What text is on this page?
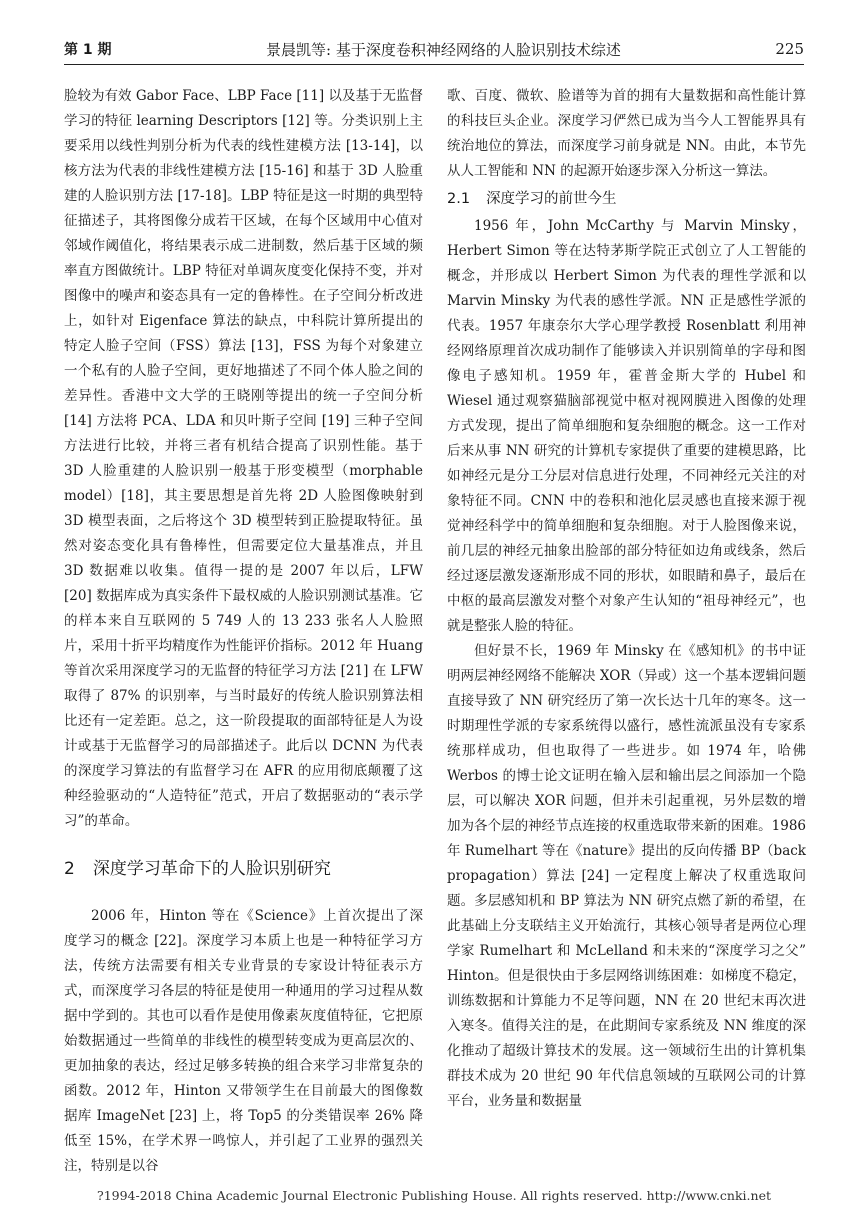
第 1 期	景晨凯等: 基于深度卷积神经网络的人脸识别技术综述	225

脸较为有效 Gabor Face、LBP Face [11] 以及基于无监督学习的特征 learning Descriptors [12] 等。分类识别上主要采用以线性判别分析为代表的线性建模方法 [13-14]，以核方法为代表的非线性建模方法 [15-16] 和基于 3D 人脸重建的人脸识别方法 [17-18]。LBP 特征是这一时期的典型特征描述子，其将图像分成若干区域，在每个区域用中心值对邻域作阈值化，将结果表示成二进制数，然后基于区域的频率直方图做统计。LBP 特征对单调灰度变化保持不变，并对图像中的噪声和姿态具有一定的鲁棒性。在子空间分析改进上，如针对 Eigenface 算法的缺点，中科院计算所提出的特定人脸子空间（FSS）算法 [13]，FSS 为每个对象建立一个私有的人脸子空间，更好地描述了不同个体人脸之间的差异性。香港中文大学的王晓刚等提出的统一子空间分析 [14] 方法将 PCA、LDA 和贝叶斯子空间 [19] 三种子空间方法进行比较，并将三者有机结合提高了识别性能。基于 3D 人脸重建的人脸识别一般基于形变模型（morphable model）[18]，其主要思想是首先将 2D 人脸图像映射到 3D 模型表面，之后将这个 3D 模型转到正脸提取特征。虽然对姿态变化具有鲁棒性，但需要定位大量基准点，并且 3D 数据难以收集。值得一提的是 2007 年以后，LFW [20] 数据库成为真实条件下最权威的人脸识别测试基准。它的样本来自互联网的 5 749 人的 13 233 张名人人脸照片，采用十折平均精度作为性能评价指标。2012 年 Huang 等首次采用深度学习的无监督的特征学习方法 [21] 在 LFW 取得了 87% 的识别率，与当时最好的传统人脸识别算法相比还有一定差距。总之，这一阶段提取的面部特征是人为设计或基于无监督学习的局部描述子。此后以 DCNN 为代表的深度学习算法的有监督学习在 AFR 的应用彻底颠覆了这种经验驱动的“人造特征”范式，开启了数据驱动的“表示学习”的革命。

2 深度学习革命下的人脸识别研究

2006 年，Hinton 等在《Science》上首次提出了深度学习的概念 [22]。深度学习本质上也是一种特征学习方法，传统方法需要有相关专业背景的专家设计特征表示方式，而深度学习各层的特征是使用一种通用的学习过程从数据中学到的。其也可以看作是使用像素灰度值特征，它把原始数据通过一些简单的非线性的模型转变成为更高层次的、更加抽象的表达，经过足够多转换的组合来学习非常复杂的函数。2012 年，Hinton 又带领学生在目前最大的图像数据库 ImageNet [23] 上，将 Top5 的分类错误率 26% 降低至 15%，在学术界一鸣惊人，并引起了工业界的强烈关注，特别是以谷

歌、百度、微软、脸谱等为首的拥有大量数据和高性能计算的科技巨头企业。深度学习俨然已成为当今人工智能界具有统治地位的算法，而深度学习前身就是 NN。由此，本节先从人工智能和 NN 的起源开始逐步深入分析这一算法。

2.1 深度学习的前世今生

1956 年，John McCarthy 与 Marvin Minsky，Herbert Simon 等在达特茅斯学院正式创立了人工智能的概念，并形成以 Herbert Simon 为代表的理性学派和以 Marvin Minsky 为代表的感性学派。NN 正是感性学派的代表。1957 年康奈尔大学心理学教授 Rosenblatt 利用神经网络原理首次成功制作了能够读入并识别简单的字母和图像电子感知机。1959 年，霍普金斯大学的 Hubel 和 Wiesel 通过观察猫脑部视觉中枢对视网膜进入图像的处理方式发现，提出了简单细胞和复杂细胞的概念。这一工作对后来从事 NN 研究的计算机专家提供了重要的建模思路，比如神经元是分工分层对信息进行处理，不同神经元关注的对象特征不同。CNN 中的卷积和池化层灵感也直接来源于视觉神经科学中的简单细胞和复杂细胞。对于人脸图像来说，前几层的神经元抽象出脸部的部分特征如边角或线条，然后经过逐层激发逐渐形成不同的形状，如眼睛和鼻子，最后在中枢的最高层激发对整个对象产生认知的“祖母神经元”，也就是整张人脸的特征。

但好景不长，1969 年 Minsky 在《感知机》的书中证明两层神经网络不能解决 XOR（异或）这一个基本逻辑问题直接导致了 NN 研究经历了第一次长达十几年的寒冬。这一时期理性学派的专家系统得以盛行，感性流派虽没有专家系统那样成功，但也取得了一些进步。如 1974 年，哈佛 Werbos 的博士论文证明在输入层和输出层之间添加一个隐层，可以解决 XOR 问题，但并未引起重视，另外层数的增加为各个层的神经节点连接的权重选取带来新的困难。1986 年 Rumelhart 等在《nature》提出的反向传播 BP（back propagation）算法 [24] 一定程度上解决了权重选取问题。多层感知机和 BP 算法为 NN 研究点燃了新的希望，在此基础上分支联结主义开始流行，其核心领导者是两位心理学家 Rumelhart 和 McLelland 和未来的“深度学习之父” Hinton。但是很快由于多层网络训练困难：如梯度不稳定，训练数据和计算能力不足等问题，NN 在 20 世纪末再次进入寒冬。值得关注的是，在此期间专家系统及 NN 维度的深化推动了超级计算技术的发展。这一领域衍生出的计算机集群技术成为 20 世纪 90 年代信息领域的互联网公司的计算平台，业务量和数据量

?1994-2018 China Academic Journal Electronic Publishing House. All rights reserved. http://www.cnki.net
